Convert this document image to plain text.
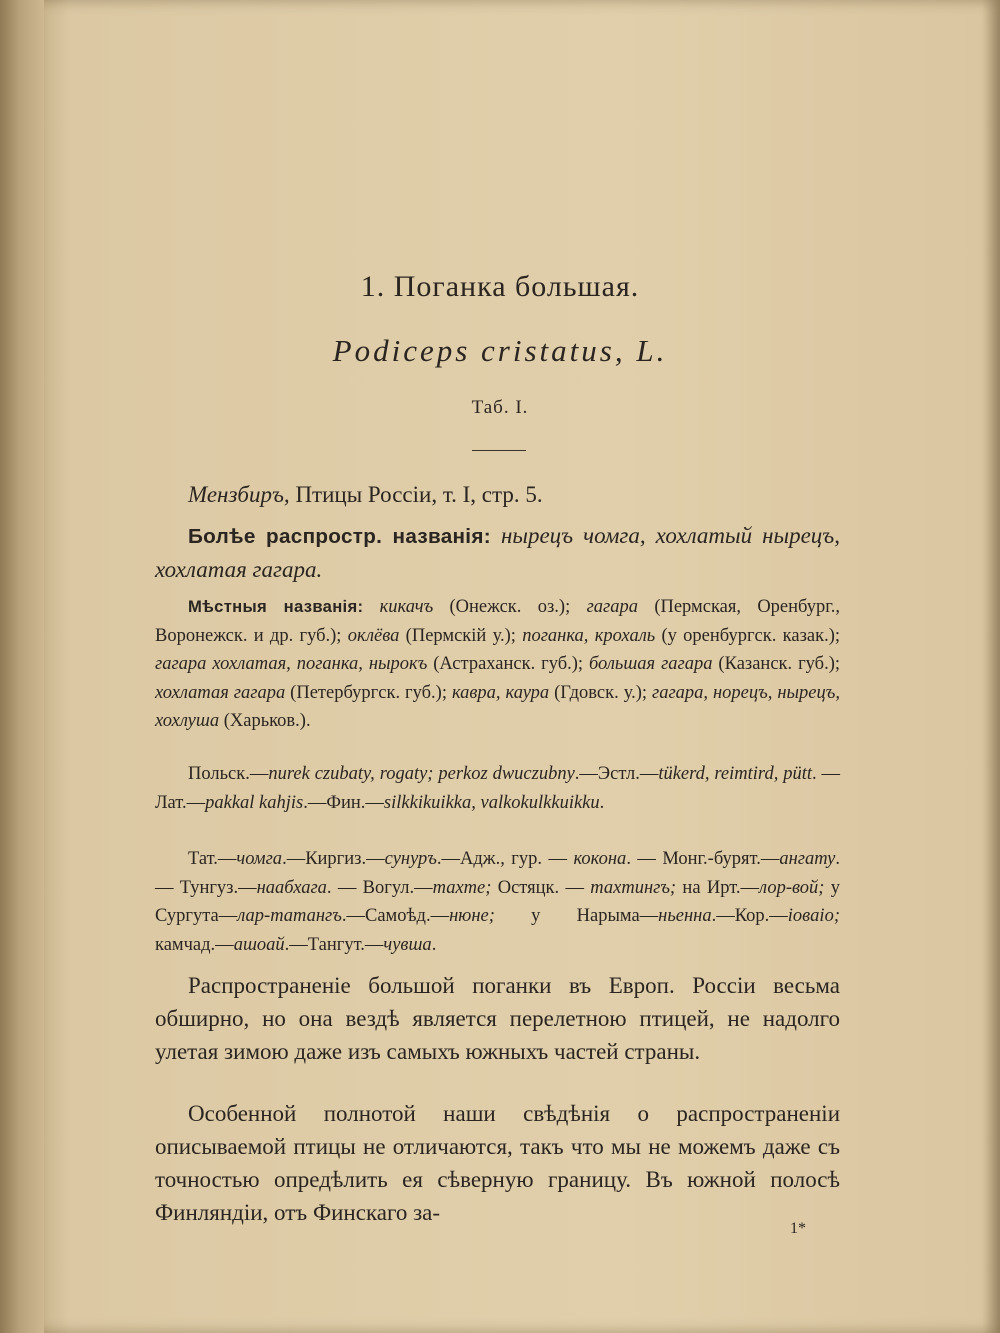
1. Поганка большая.
Podiceps cristatus, L.
Таб. I.
Мензбиръ, Птицы Россіи, т. I, стр. 5.
Болѣе распростр. названія: нырецъ чомга, хохлатый нырецъ, хохлатая гагара.
Мѣстныя названія: кикачъ (Онежск. оз.); гагара (Пермская, Оренбург., Воронежск. и др. губ.); оклёва (Пермскій у.); поганка, крохаль (у оренбургск. казак.); гагара хохлатая, поганка, нырокъ (Астраханск. губ.); большая гагара (Казанск. губ.); хохлатая гагара (Петербургск. губ.); кавра, каура (Гдовск. у.); гагара, норецъ, нырецъ, хохлуша (Харьков.).
Польск.—nurek czubaty, rogaty; perkoz dwuczubny.—Эстл.—tükerd, reimtird, pütt. — Лат.—pakkal kahjis.—Фин.—silkkikuikka, valkokulkkuikku.
Тат.—чомга.—Киргиз.—сунуръ.—Адж., гур. — кокона. — Монг.-бурят.—ангату. — Тунгуз.—наабхага. — Вогул.—тахте; Остяцк. — тахтингъ; на Ирт.—лор-вой; у Сургута—лар-татангъ.—Самоѣд.—нюне; у Нарыма—ньенна.—Кор.—ioвaio; камчад.—ашоай.—Тангут.—чувша.
Распространеніе большой поганки въ Европ. Россіи весьма обширно, но она вездѣ является перелетною птицей, не надолго улетая зимою даже изъ самыхъ южныхъ частей страны.
Особенной полнотой наши свѣдѣнія о распространеніи описываемой птицы не отличаются, такъ что мы не можемъ даже съ точностью опредѣлить ея сѣверную границу. Въ южной полосѣ Финляндіи, отъ Финскаго за-
1*
